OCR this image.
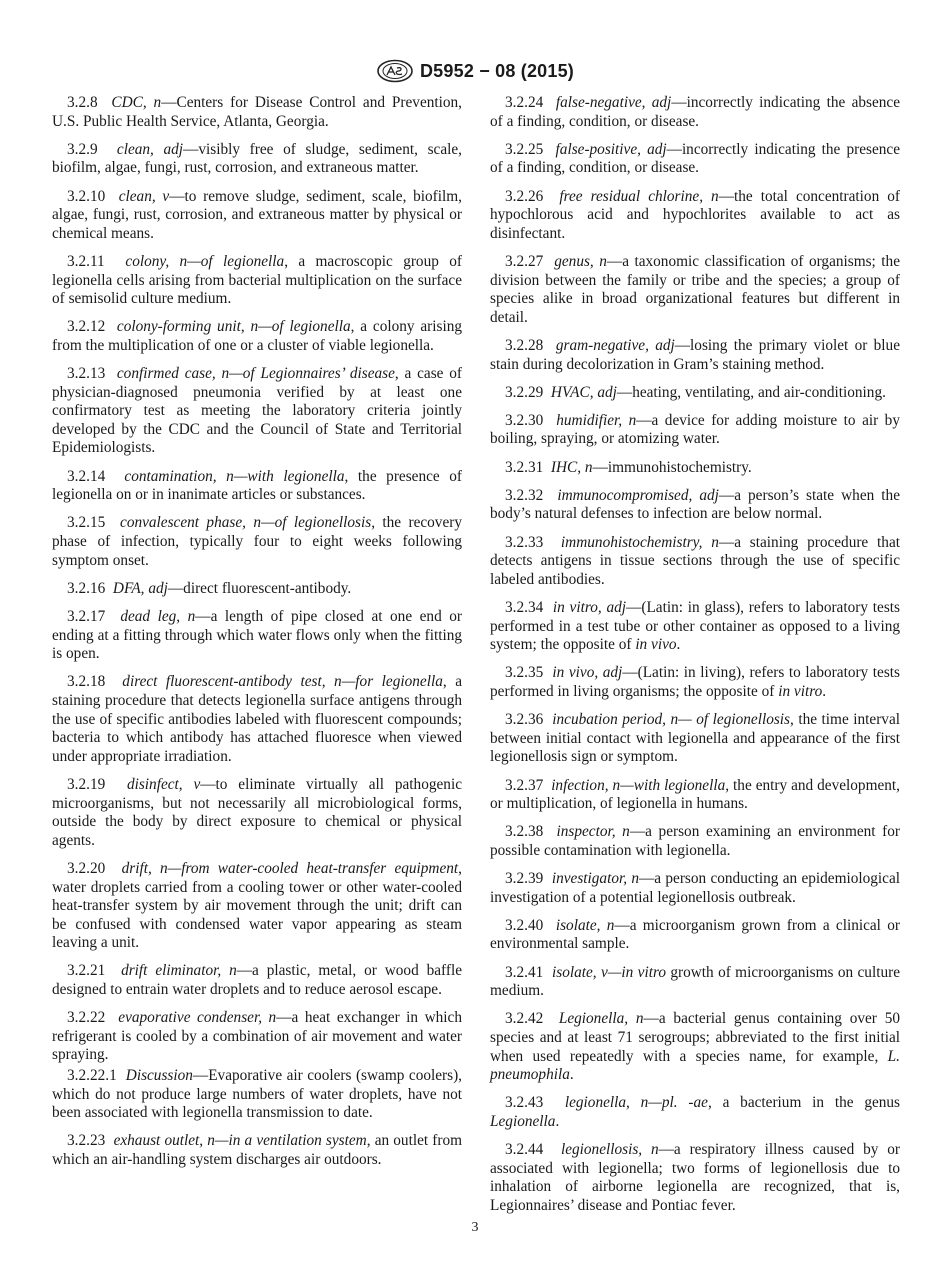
D5952 − 08 (2015)

3.2.8 CDC, n—Centers for Disease Control and Prevention, U.S. Public Health Service, Atlanta, Georgia.

3.2.9 clean, adj—visibly free of sludge, sediment, scale, biofilm, algae, fungi, rust, corrosion, and extraneous matter.

3.2.10 clean, v—to remove sludge, sediment, scale, biofilm, algae, fungi, rust, corrosion, and extraneous matter by physical or chemical means.

3.2.11 colony, n—of legionella, a macroscopic group of legionella cells arising from bacterial multiplication on the surface of semisolid culture medium.

3.2.12 colony-forming unit, n—of legionella, a colony arising from the multiplication of one or a cluster of viable legionella.

3.2.13 confirmed case, n—of Legionnaires’ disease, a case of physician-diagnosed pneumonia verified by at least one confirmatory test as meeting the laboratory criteria jointly developed by the CDC and the Council of State and Territorial Epidemiologists.

3.2.14 contamination, n—with legionella, the presence of legionella on or in inanimate articles or substances.

3.2.15 convalescent phase, n—of legionellosis, the recovery phase of infection, typically four to eight weeks following symptom onset.

3.2.16 DFA, adj—direct fluorescent-antibody.

3.2.17 dead leg, n—a length of pipe closed at one end or ending at a fitting through which water flows only when the fitting is open.

3.2.18 direct fluorescent-antibody test, n—for legionella, a staining procedure that detects legionella surface antigens through the use of specific antibodies labeled with fluorescent compounds; bacteria to which antibody has attached fluoresce when viewed under appropriate irradiation.

3.2.19 disinfect, v—to eliminate virtually all pathogenic microorganisms, but not necessarily all microbiological forms, outside the body by direct exposure to chemical or physical agents.

3.2.20 drift, n—from water-cooled heat-transfer equipment, water droplets carried from a cooling tower or other water-cooled heat-transfer system by air movement through the unit; drift can be confused with condensed water vapor appearing as steam leaving a unit.

3.2.21 drift eliminator, n—a plastic, metal, or wood baffle designed to entrain water droplets and to reduce aerosol escape.

3.2.22 evaporative condenser, n—a heat exchanger in which refrigerant is cooled by a combination of air movement and water spraying.

3.2.22.1 Discussion—Evaporative air coolers (swamp coolers), which do not produce large numbers of water droplets, have not been associated with legionella transmission to date.

3.2.23 exhaust outlet, n—in a ventilation system, an outlet from which an air-handling system discharges air outdoors.

3.2.24 false-negative, adj—incorrectly indicating the absence of a finding, condition, or disease.

3.2.25 false-positive, adj—incorrectly indicating the presence of a finding, condition, or disease.

3.2.26 free residual chlorine, n—the total concentration of hypochlorous acid and hypochlorites available to act as disinfectant.

3.2.27 genus, n—a taxonomic classification of organisms; the division between the family or tribe and the species; a group of species alike in broad organizational features but different in detail.

3.2.28 gram-negative, adj—losing the primary violet or blue stain during decolorization in Gram’s staining method.

3.2.29 HVAC, adj—heating, ventilating, and air-conditioning.

3.2.30 humidifier, n—a device for adding moisture to air by boiling, spraying, or atomizing water.

3.2.31 IHC, n—immunohistochemistry.

3.2.32 immunocompromised, adj—a person’s state when the body’s natural defenses to infection are below normal.

3.2.33 immunohistochemistry, n—a staining procedure that detects antigens in tissue sections through the use of specific labeled antibodies.

3.2.34 in vitro, adj—(Latin: in glass), refers to laboratory tests performed in a test tube or other container as opposed to a living system; the opposite of in vivo.

3.2.35 in vivo, adj—(Latin: in living), refers to laboratory tests performed in living organisms; the opposite of in vitro.

3.2.36 incubation period, n— of legionellosis, the time interval between initial contact with legionella and appearance of the first legionellosis sign or symptom.

3.2.37 infection, n—with legionella, the entry and development, or multiplication, of legionella in humans.

3.2.38 inspector, n—a person examining an environment for possible contamination with legionella.

3.2.39 investigator, n—a person conducting an epidemiological investigation of a potential legionellosis outbreak.

3.2.40 isolate, n—a microorganism grown from a clinical or environmental sample.

3.2.41 isolate, v—in vitro growth of microorganisms on culture medium.

3.2.42 Legionella, n—a bacterial genus containing over 50 species and at least 71 serogroups; abbreviated to the first initial when used repeatedly with a species name, for example, L. pneumophila.

3.2.43 legionella, n—pl. -ae, a bacterium in the genus Legionella.

3.2.44 legionellosis, n—a respiratory illness caused by or associated with legionella; two forms of legionellosis due to inhalation of airborne legionella are recognized, that is, Legionnaires’ disease and Pontiac fever.

3
